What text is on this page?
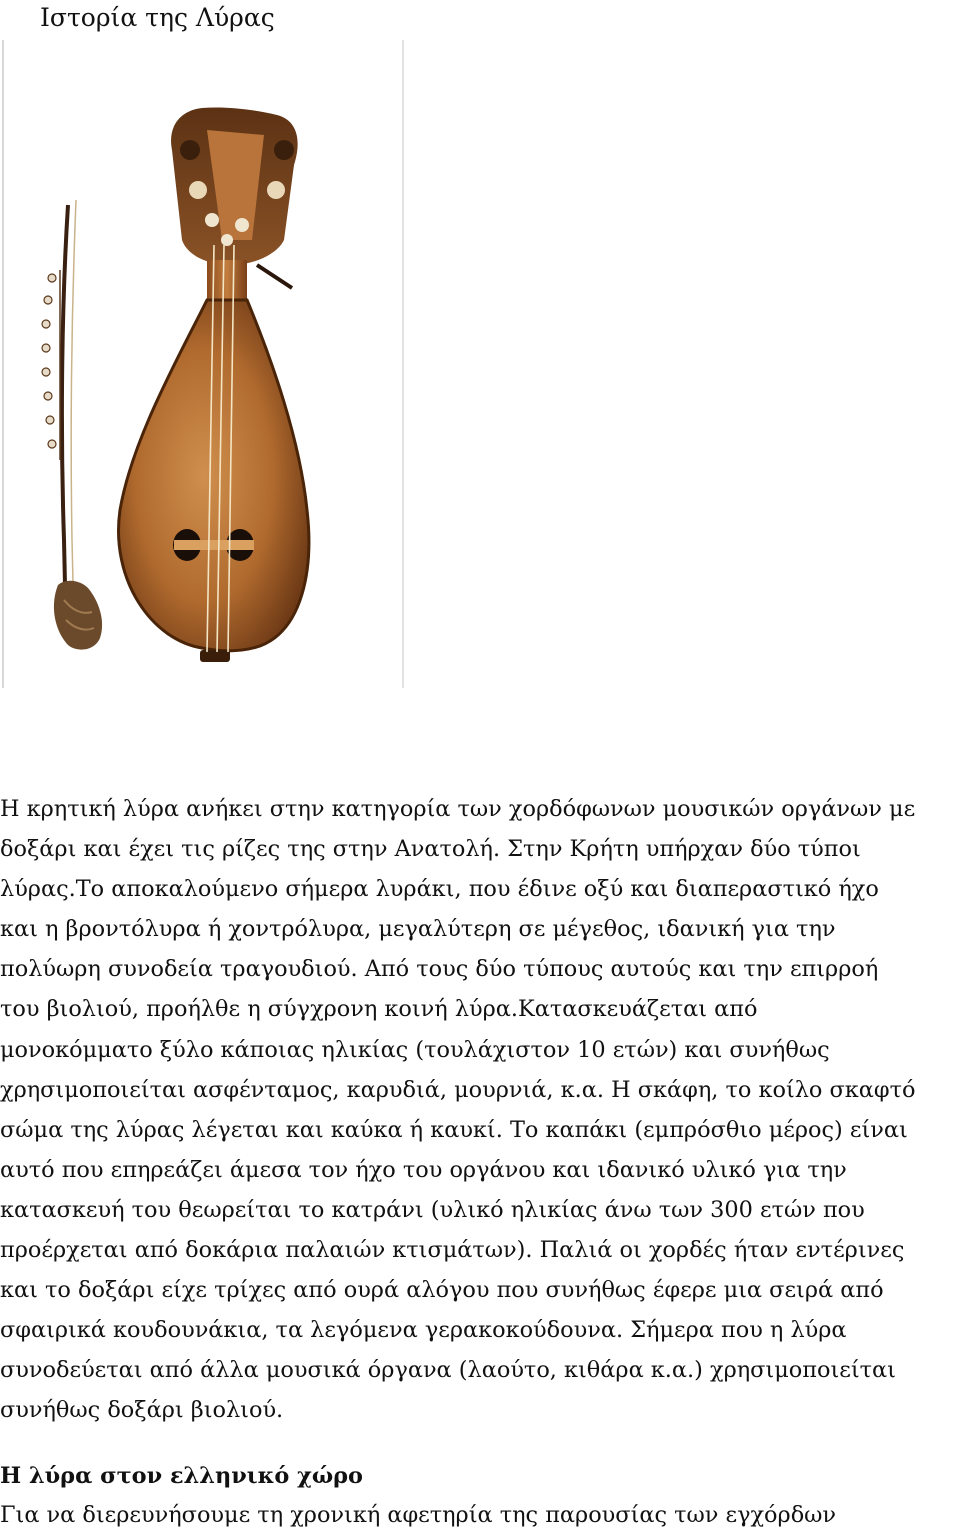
Ιστορία της Λύρας
Η κρητική λύρα ανήκει στην κατηγορία των χορδόφωνων μουσικών οργάνων με
δοξάρι και έχει τις ρίζες της στην Ανατολή. Στην Κρήτη υπήρχαν δύο τύποι
λύρας.Το αποκαλούμενο σήμερα λυράκι, που έδινε οξύ και διαπεραστικό ήχο
και η βροντόλυρα ή χοντρόλυρα, μεγαλύτερη σε μέγεθος, ιδανική για την
πολύωρη συνοδεία τραγουδιού. Από τους δύο τύπους αυτούς και την επιρροή
του βιολιού, προήλθε η σύγχρονη κοινή λύρα.Κατασκευάζεται από
μονοκόμματο ξύλο κάποιας ηλικίας (τουλάχιστον 10 ετών) και συνήθως
χρησιμοποιείται ασφένταμος, καρυδιά, μουρνιά, κ.α. Η σκάφη, το κοίλο σκαφτό
σώμα της λύρας λέγεται και καύκα ή καυκί. Το καπάκι (εμπρόσθιο μέρος) είναι
αυτό που επηρεάζει άμεσα τον ήχο του οργάνου και ιδανικό υλικό για την
κατασκευή του θεωρείται το κατράνι (υλικό ηλικίας άνω των 300 ετών που
προέρχεται από δοκάρια παλαιών κτισμάτων). Παλιά οι χορδές ήταν εντέρινες
και το δοξάρι είχε τρίχες από ουρά αλόγου που συνήθως έφερε μια σειρά από
σφαιρικά κουδουνάκια, τα λεγόμενα γερακοκούδουνα. Σήμερα που η λύρα
συνοδεύεται από άλλα μουσικά όργανα (λαούτο, κιθάρα κ.α.) χρησιμοποιείται
συνήθως δοξάρι βιολιού.
Η λύρα στον ελληνικό χώρο
Για να διερευνήσουμε τη χρονική αφετηρία της παρουσίας των εγχόρδων
